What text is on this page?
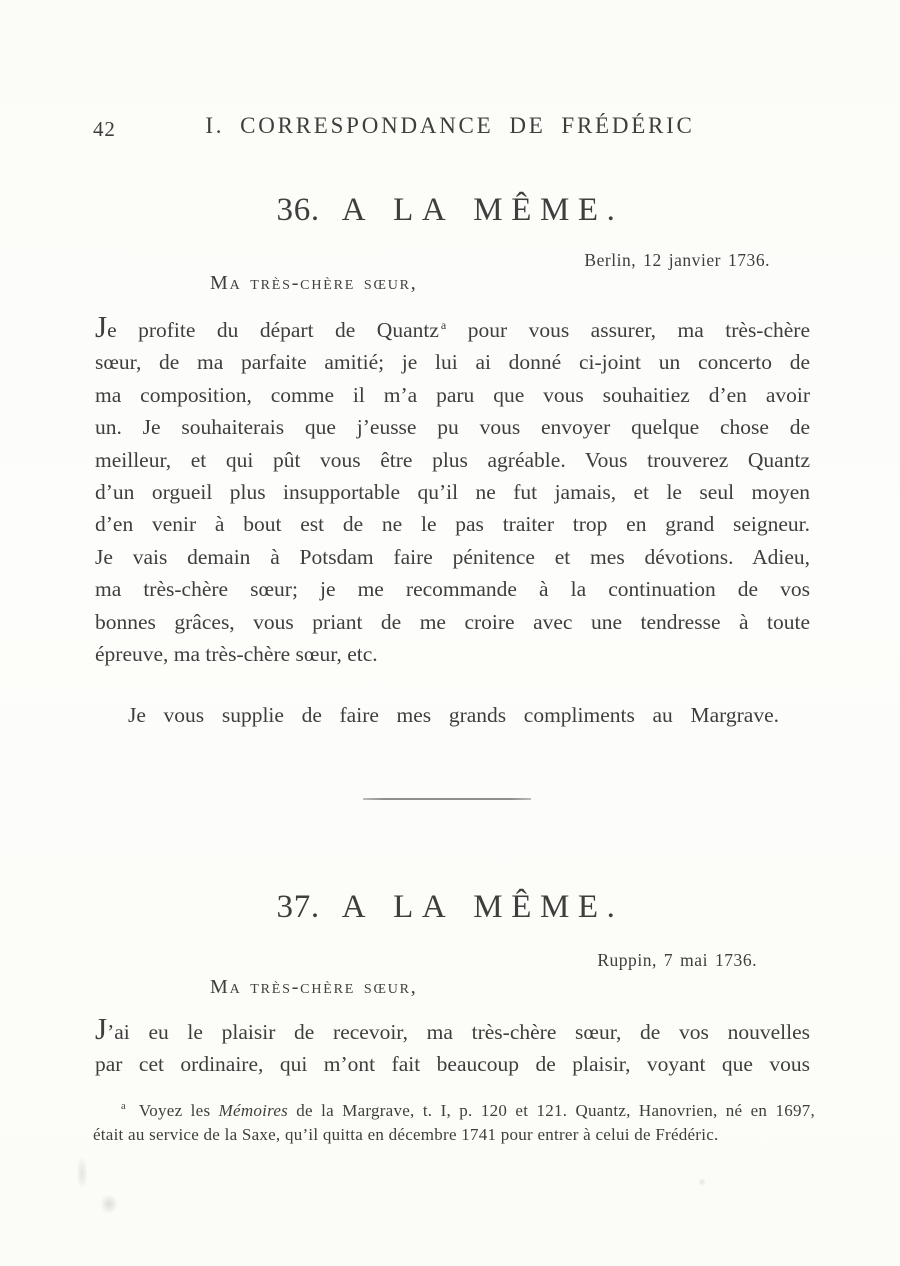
42	I. CORRESPONDANCE DE FRÉDÉRIC
36. A LA MÊME.
Berlin, 12 janvier 1736.
Ma très-chère sœur,
Je profite du départ de Quantz $^a$ pour vous assurer, ma très-chère
sœur, de ma parfaite amitié; je lui ai donné ci-joint un concerto de
ma composition, comme il m’a paru que vous souhaitiez d’en avoir
un. Je souhaiterais que j’eusse pu vous envoyer quelque chose de
meilleur, et qui pût vous être plus agréable. Vous trouverez Quantz
d’un orgueil plus insupportable qu’il ne fut jamais, et le seul moyen
d’en venir à bout est de ne le pas traiter trop en grand seigneur.
Je vais demain à Potsdam faire pénitence et mes dévotions. Adieu,
ma très-chère sœur; je me recommande à la continuation de vos
bonnes grâces, vous priant de me croire avec une tendresse à toute
épreuve, ma très-chère sœur, etc.
Je vous supplie de faire mes grands compliments au Margrave.
37. A LA MÊME.
Ruppin, 7 mai 1736.
Ma très-chère sœur,
J’ai eu le plaisir de recevoir, ma très-chère sœur, de vos nouvelles
par cet ordinaire, qui m’ont fait beaucoup de plaisir, voyant que vous
$^a$ Voyez les Mémoires de la Margrave, t. I, p. 120 et 121. Quantz, Hanovrien, né en 1697,
était au service de la Saxe, qu’il quitta en décembre 1741 pour entrer à celui de Frédéric.
